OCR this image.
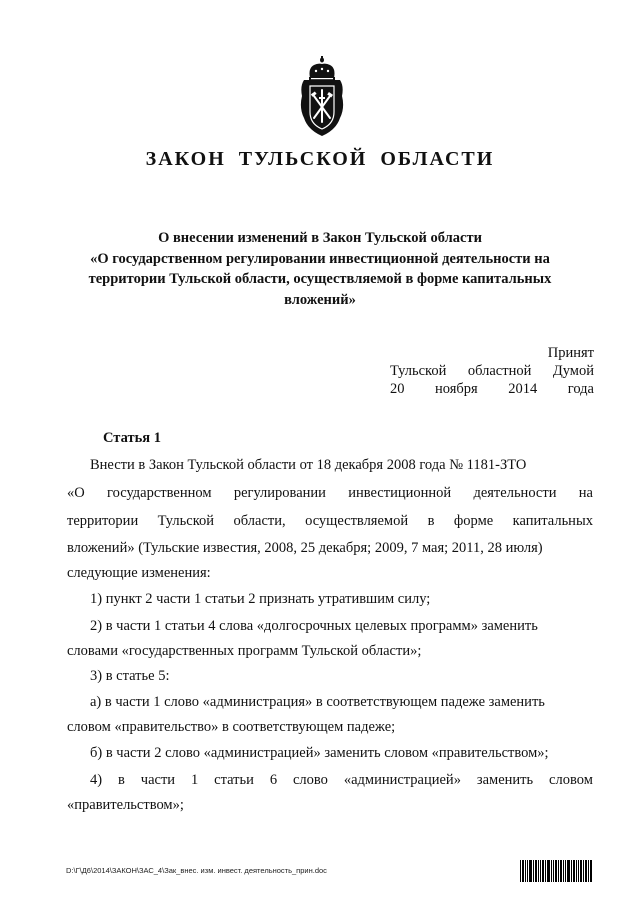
ЗАКОН ТУЛЬСКОЙ ОБЛАСТИ
О внесении изменений в Закон Тульской области
«О государственном регулировании инвестиционной деятельности на
территории Тульской области, осуществляемой в форме капитальных
вложений»
Принят
Тульской областной Думой
20 ноября 2014 года
Статья 1
Внести в Закон Тульской области от 18 декабря 2008 года № 1181-ЗТО
«О государственном регулировании инвестиционной деятельности на
территории Тульской области, осуществляемой в форме капитальных
вложений» (Тульские известия, 2008, 25 декабря; 2009, 7 мая; 2011, 28 июля)
следующие изменения:
1) пункт 2 части 1 статьи 2 признать утратившим силу;
2) в части 1 статьи 4 слова «долгосрочных целевых программ» заменить
словами «государственных программ Тульской области»;
3) в статье 5:
а) в части 1 слово «администрация» в соответствующем падеже заменить
словом «правительство» в соответствующем падеже;
б) в части 2 слово «администрацией» заменить словом «правительством»;
4) в части 1 статьи 6 слово «администрацией» заменить словом
«правительством»;
D:\Г\Д6\2014\ЗАКОН\ЗАС_4\Зак_внес. изм. инвест. деятельность_прин.doc
